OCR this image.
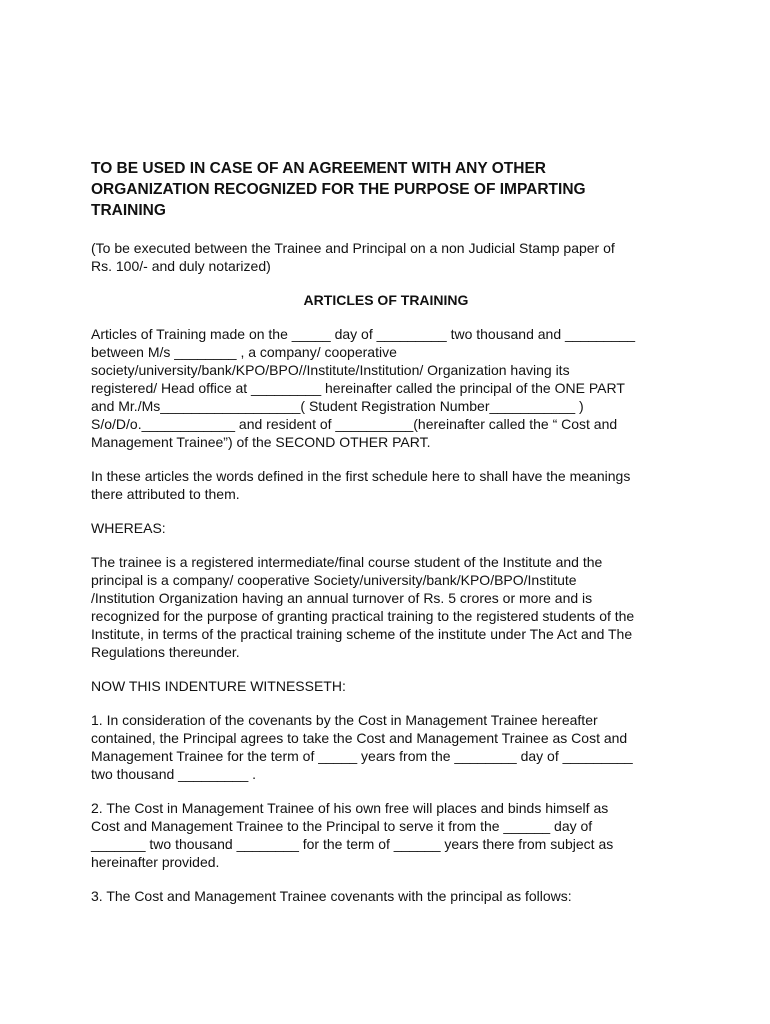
TO BE USED IN CASE OF AN AGREEMENT WITH ANY OTHER
ORGANIZATION RECOGNIZED FOR THE PURPOSE OF IMPARTING
TRAINING
(To be executed between the Trainee and Principal on a non Judicial Stamp paper of
Rs. 100/- and duly notarized)
ARTICLES OF TRAINING
Articles of Training made on the _____ day of _________ two thousand and _________
between M/s ________ , a company/ cooperative
society/university/bank/KPO/BPO//Institute/Institution/ Organization having its
registered/ Head office at _________ hereinafter called the principal of the ONE PART
and Mr./Ms__________________( Student Registration Number___________ )
S/o/D/o.____________ and resident of __________(hereinafter called the “ Cost and
Management Trainee”) of the SECOND OTHER PART.
In these articles the words defined in the first schedule here to shall have the meanings
there attributed to them.
WHEREAS:
The trainee is a registered intermediate/final course student of the Institute and the
principal is a company/ cooperative Society/university/bank/KPO/BPO/Institute
/Institution Organization having an annual turnover of Rs. 5 crores or more and is
recognized for the purpose of granting practical training to the registered students of the
Institute, in terms of the practical training scheme of the institute under The Act and The
Regulations thereunder.
NOW THIS INDENTURE WITNESSETH:
1. In consideration of the covenants by the Cost in Management Trainee hereafter
contained, the Principal agrees to take the Cost and Management Trainee as Cost and
Management Trainee for the term of _____ years from the ________ day of _________
two thousand _________ .
2. The Cost in Management Trainee of his own free will places and binds himself as
Cost and Management Trainee to the Principal to serve it from the ______ day of
_______ two thousand ________ for the term of ______ years there from subject as
hereinafter provided.
3. The Cost and Management Trainee covenants with the principal as follows:
